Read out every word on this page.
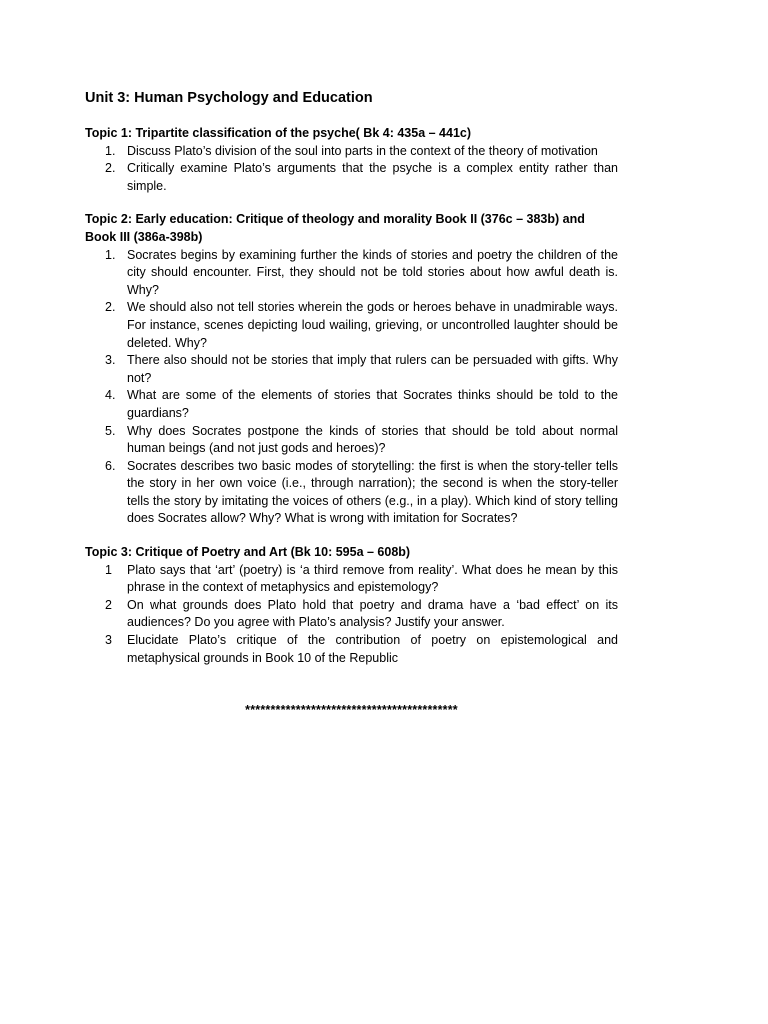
Unit 3: Human Psychology and Education

Topic 1: Tripartite classification of the psyche( Bk 4: 435a – 441c)

1. Discuss Plato’s division of the soul into parts in the context of the theory of motivation
2. Critically examine Plato’s arguments that the psyche is a complex entity rather than simple.

Topic 2: Early education: Critique of theology and morality Book II (376c – 383b) and Book III (386a-398b)

1. Socrates begins by examining further the kinds of stories and poetry the children of the city should encounter. First, they should not be told stories about how awful death is. Why?
2. We should also not tell stories wherein the gods or heroes behave in unadmirable ways. For instance, scenes depicting loud wailing, grieving, or uncontrolled laughter should be deleted. Why?
3. There also should not be stories that imply that rulers can be persuaded with gifts. Why not?
4. What are some of the elements of stories that Socrates thinks should be told to the guardians?
5. Why does Socrates postpone the kinds of stories that should be told about normal human beings (and not just gods and heroes)?
6. Socrates describes two basic modes of storytelling: the first is when the story-teller tells the story in her own voice (i.e., through narration); the second is when the story-teller tells the story by imitating the voices of others (e.g., in a play). Which kind of story telling does Socrates allow? Why? What is wrong with imitation for Socrates?

Topic 3: Critique of Poetry and Art (Bk 10: 595a – 608b)

1	Plato says that ‘art’ (poetry) is ‘a third remove from reality’. What does he mean by this phrase in the context of metaphysics and epistemology?
2	On what grounds does Plato hold that poetry and drama have a ‘bad effect’ on its audiences? Do you agree with Plato’s analysis? Justify your answer.
3	Elucidate Plato’s critique of the contribution of poetry on epistemological and metaphysical grounds in Book 10 of the Republic
******************************************
